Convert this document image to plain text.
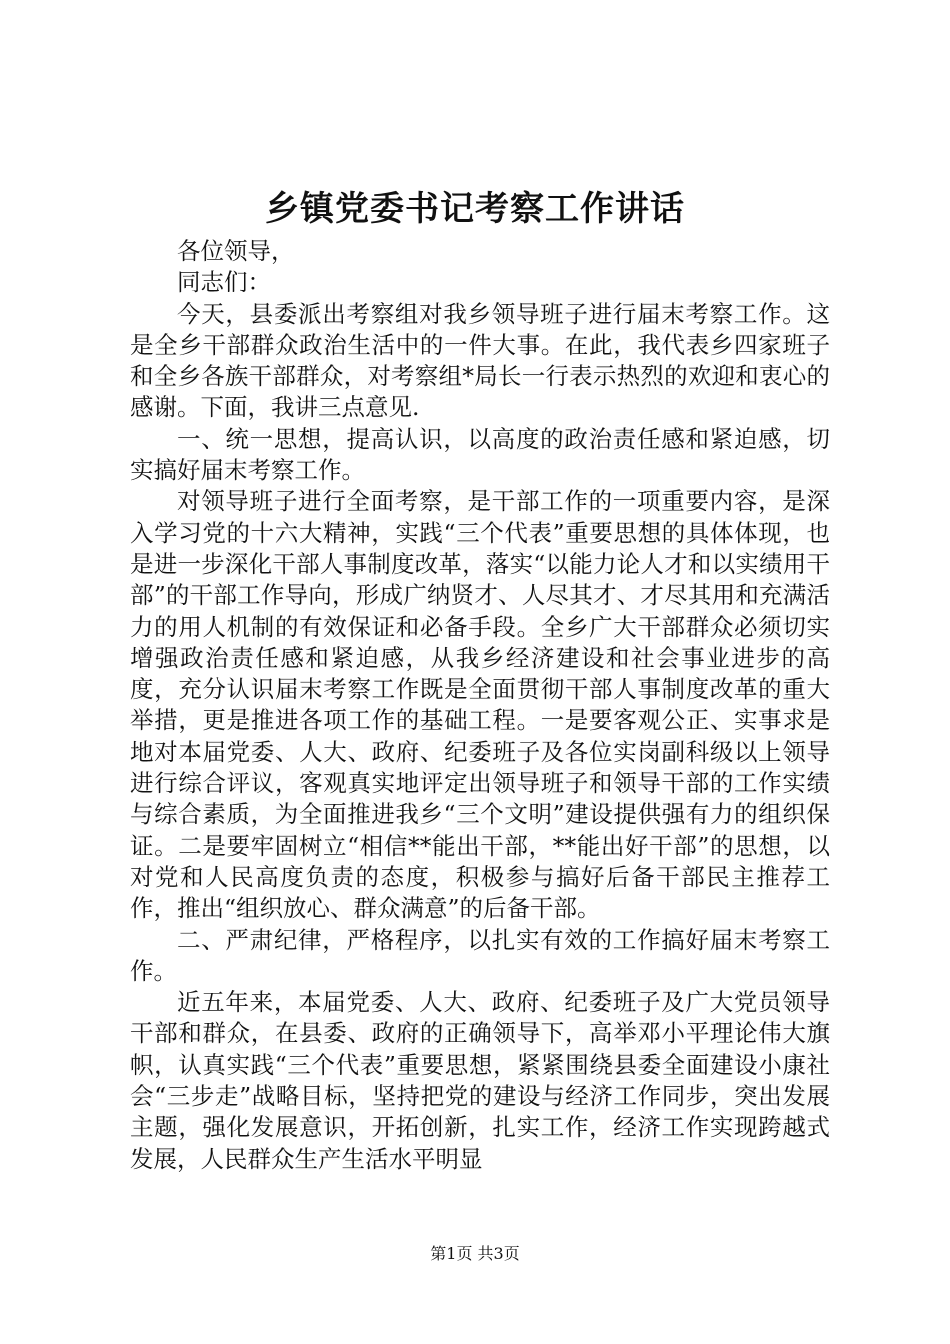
乡镇党委书记考察工作讲话

各位领导，

同志们：

今天，县委派出考察组对我乡领导班子进行届末考察工作。这是全乡干部群众政治生活中的一件大事。在此，我代表乡四家班子和全乡各族干部群众，对考察组*局长一行表示热烈的欢迎和衷心的感谢。下面，我讲三点意见.

一、统一思想，提高认识，以高度的政治责任感和紧迫感，切实搞好届末考察工作。

对领导班子进行全面考察，是干部工作的一项重要内容，是深入学习党的十六大精神，实践“三个代表”重要思想的具体体现，也是进一步深化干部人事制度改革，落实“以能力论人才和以实绩用干部”的干部工作导向，形成广纳贤才、人尽其才、才尽其用和充满活力的用人机制的有效保证和必备手段。全乡广大干部群众必须切实增强政治责任感和紧迫感，从我乡经济建设和社会事业进步的高度，充分认识届末考察工作既是全面贯彻干部人事制度改革的重大举措，更是推进各项工作的基础工程。一是要客观公正、实事求是地对本届党委、人大、政府、纪委班子及各位实岗副科级以上领导进行综合评议，客观真实地评定出领导班子和领导干部的工作实绩与综合素质，为全面推进我乡“三个文明”建设提供强有力的组织保证。二是要牢固树立“相信**能出干部，**能出好干部”的思想，以对党和人民高度负责的态度，积极参与搞好后备干部民主推荐工作，推出“组织放心、群众满意”的后备干部。

二、严肃纪律，严格程序，以扎实有效的工作搞好届末考察工作。

近五年来，本届党委、人大、政府、纪委班子及广大党员领导干部和群众，在县委、政府的正确领导下，高举邓小平理论伟大旗帜，认真实践“三个代表”重要思想，紧紧围绕县委全面建设小康社会“三步走”战略目标，坚持把党的建设与经济工作同步，突出发展主题，强化发展意识，开拓创新，扎实工作，经济工作实现跨越式发展，人民群众生产生活水平明显

第1页 共3页
